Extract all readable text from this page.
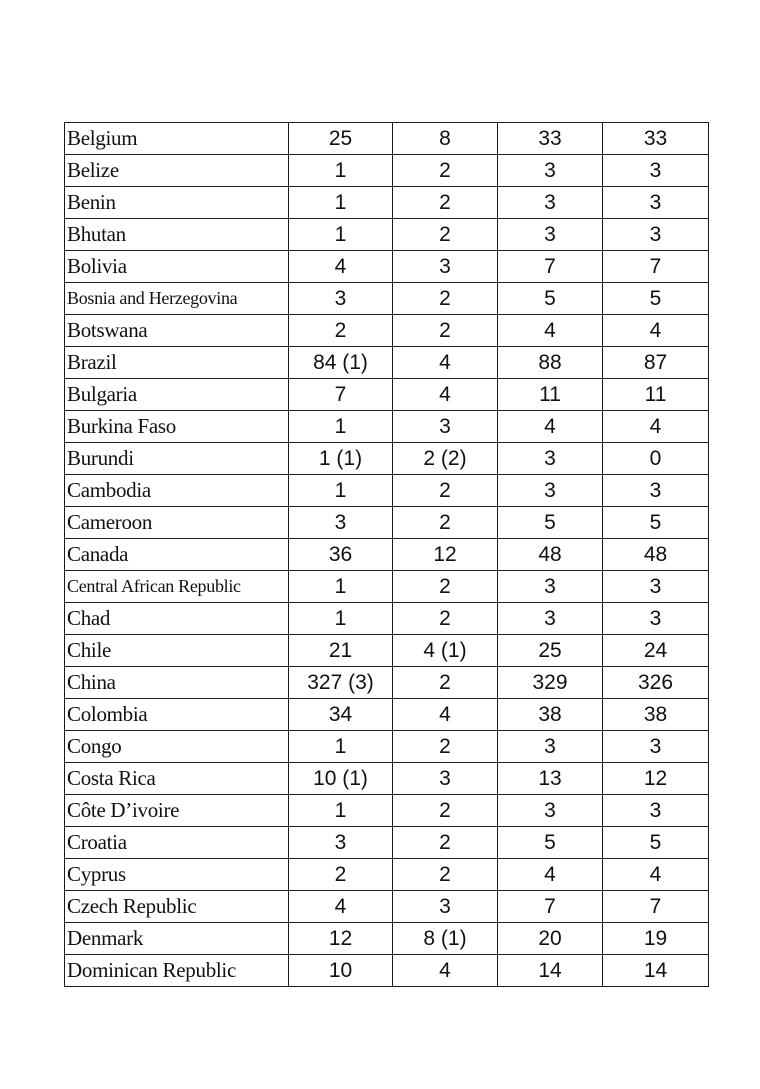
Belgium	25	8	33	33
Belize	1	2	3	3
Benin	1	2	3	3
Bhutan	1	2	3	3
Bolivia	4	3	7	7
Bosnia and Herzegovina	3	2	5	5
Botswana	2	2	4	4
Brazil	84 (1)	4	88	87
Bulgaria	7	4	11	11
Burkina Faso	1	3	4	4
Burundi	1 (1)	2 (2)	3	0
Cambodia	1	2	3	3
Cameroon	3	2	5	5
Canada	36	12	48	48
Central African Republic	1	2	3	3
Chad	1	2	3	3
Chile	21	4 (1)	25	24
China	327 (3)	2	329	326
Colombia	34	4	38	38
Congo	1	2	3	3
Costa Rica	10 (1)	3	13	12
Côte D’ivoire	1	2	3	3
Croatia	3	2	5	5
Cyprus	2	2	4	4
Czech Republic	4	3	7	7
Denmark	12	8 (1)	20	19
Dominican Republic	10	4	14	14
